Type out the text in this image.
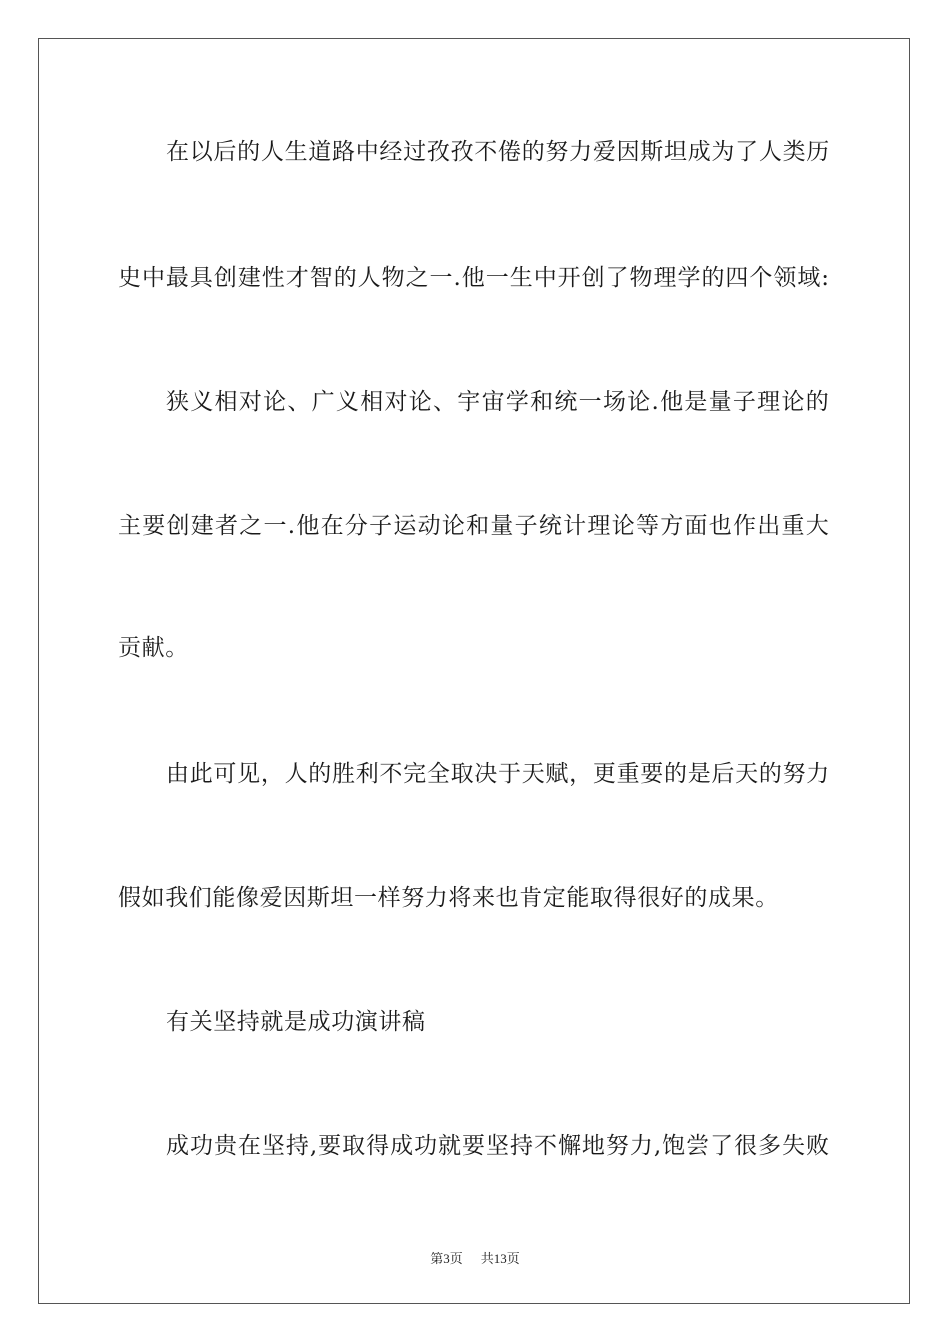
在以后的人生道路中经过孜孜不倦的努力爱因斯坦成为了人类历
史中最具创建性才智的人物之一.他一生中开创了物理学的四个领域:
狭义相对论、广义相对论、宇宙学和统一场论.他是量子理论的
主要创建者之一.他在分子运动论和量子统计理论等方面也作出重大
贡献。
由此可见，人的胜利不完全取决于天赋，更重要的是后天的努力
假如我们能像爱因斯坦一样努力将来也肯定能取得很好的成果。
有关坚持就是成功演讲稿
成功贵在坚持,要取得成功就要坚持不懈地努力,饱尝了很多失败
第3页 共13页
